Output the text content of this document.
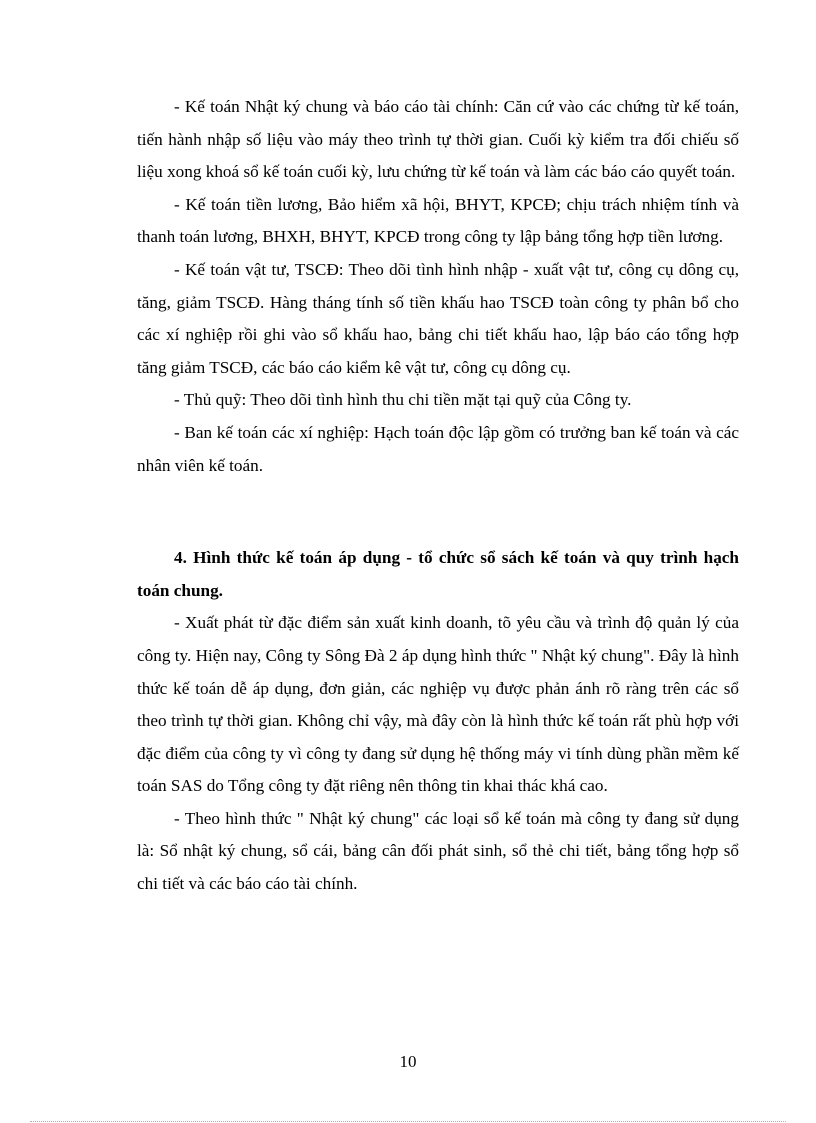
- Kế toán Nhật ký chung và báo cáo tài chính: Căn cứ vào các chứng từ kế toán, tiến hành nhập số liệu vào máy theo trình tự thời gian. Cuối kỳ kiểm tra đối chiếu số liệu xong khoá sổ kế toán cuối kỳ, lưu chứng từ kế toán và làm các báo cáo quyết toán.

- Kế toán tiền lương, Bảo hiểm xã hội, BHYT, KPCĐ; chịu trách nhiệm tính và thanh toán lương, BHXH, BHYT, KPCĐ trong công ty lập bảng tổng hợp tiền lương.

- Kế toán vật tư, TSCĐ: Theo dõi tình hình nhập - xuất vật tư, công cụ dông cụ, tăng, giảm TSCĐ. Hàng tháng tính số tiền khấu hao TSCĐ toàn công ty phân bổ cho các xí nghiệp rồi ghi vào sổ khấu hao, bảng chi tiết khấu hao, lập báo cáo tổng hợp tăng giảm TSCĐ, các báo cáo kiểm kê vật tư, công cụ dông cụ.

- Thủ quỹ: Theo dõi tình hình thu chi tiền mặt tại quỹ của Công ty.

- Ban kế toán các xí nghiệp: Hạch toán độc lập gồm có trưởng ban kế toán và các nhân viên kế toán.

4. Hình thức kế toán áp dụng - tổ chức sổ sách kế toán và quy trình hạch toán chung.

- Xuất phát từ đặc điểm sản xuất kinh doanh, tõ yêu cầu và trình độ quản lý của công ty. Hiện nay, Công ty Sông Đà 2 áp dụng hình thức " Nhật ký chung". Đây là hình thức kế toán dễ áp dụng, đơn giản, các nghiệp vụ được phản ánh rõ ràng trên các sổ theo trình tự thời gian. Không chỉ vậy, mà đây còn là hình thức kế toán rất phù hợp với đặc điểm của công ty vì công ty đang sử dụng hệ thống máy vi tính dùng phần mềm kế toán SAS do Tổng công ty đặt riêng nên thông tin khai thác khá cao.

- Theo hình thức " Nhật ký chung" các loại sổ kế toán mà công ty đang sử dụng là: Sổ nhật ký chung, sổ cái, bảng cân đối phát sinh, sổ thẻ chi tiết, bảng tổng hợp sổ chi tiết và các báo cáo tài chính.

10
